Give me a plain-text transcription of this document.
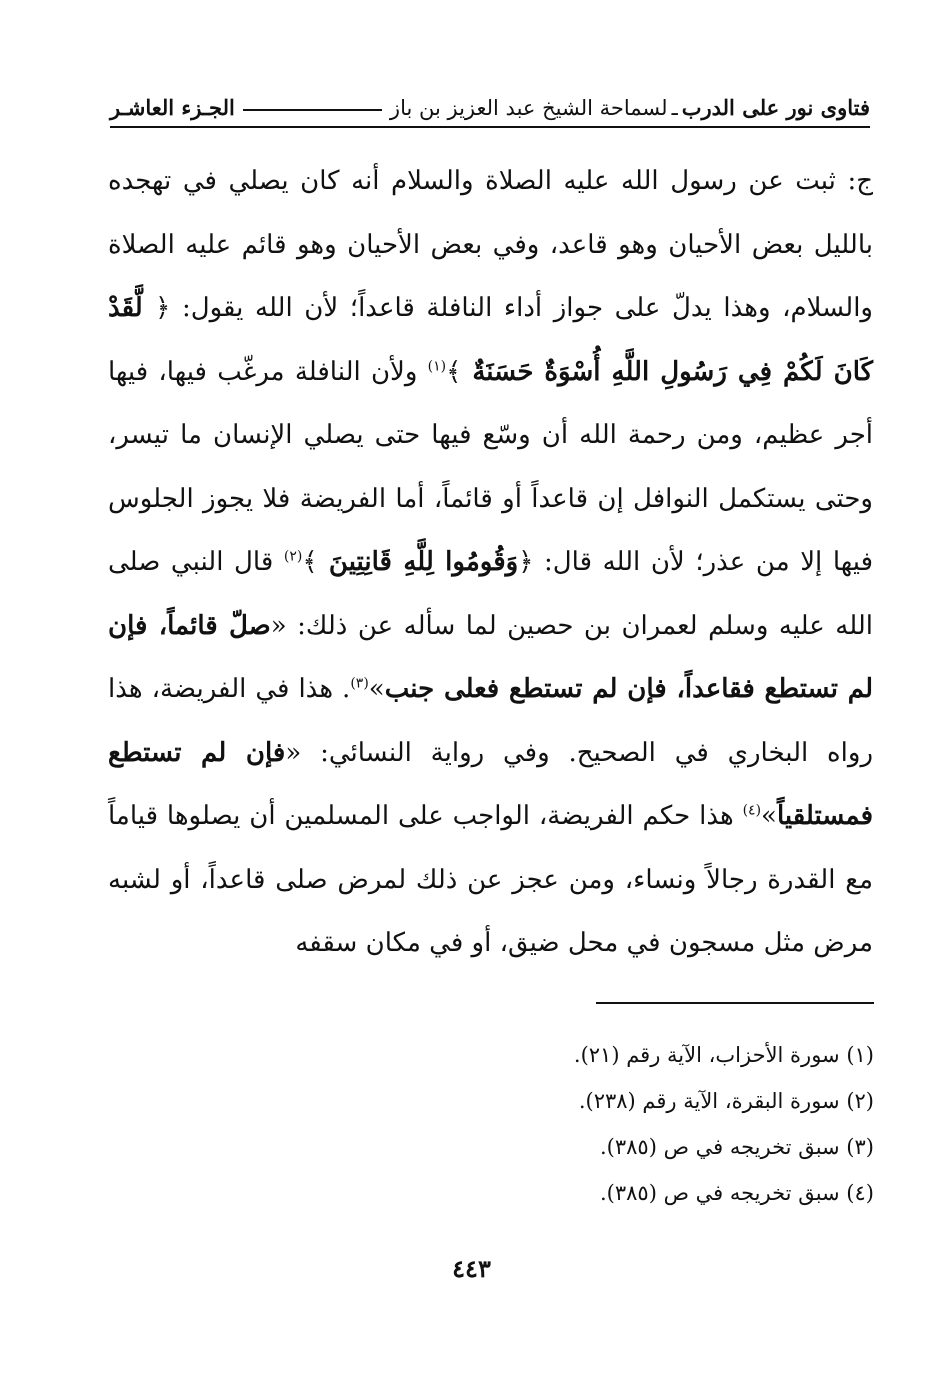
فتاوى نور على الدرب
ـ
لسماحة الشيخ عبد العزيز بن باز
الجـزء العاشـر

ج: ثبت عن رسول الله عليه الصلاة والسلام أنه كان يصلي في تهجده بالليل بعض الأحيان وهو قاعد، وفي بعض الأحيان وهو قائم عليه الصلاة والسلام، وهذا يدلّ على جواز أداء النافلة قاعداً؛ لأن الله يقول: ﴿ لَّقَدْ كَانَ لَكُمْ فِي رَسُولِ اللَّهِ أُسْوَةٌ حَسَنَةٌ ﴾$^{(١)}$ ولأن النافلة مرغّب فيها، فيها أجر عظيم، ومن رحمة الله أن وسّع فيها حتى يصلي الإنسان ما تيسر، وحتى يستكمل النوافل إن قاعداً أو قائماً، أما الفريضة فلا يجوز الجلوس فيها إلا من عذر؛ لأن الله قال: ﴿وَقُومُوا لِلَّهِ قَانِتِينَ ﴾$^{(٢)}$ قال النبي صلى الله عليه وسلم لعمران بن حصين لما سأله عن ذلك: «صلّ قائماً، فإن لم تستطع فقاعداً، فإن لم تستطع فعلى جنب»$^{(٣)}$. هذا في الفريضة، هذا رواه البخاري في الصحيح. وفي رواية النسائي: «فإن لم تستطع فمستلقياً»$^{(٤)}$ هذا حكم الفريضة، الواجب على المسلمين أن يصلوها قياماً مع القدرة رجالاً ونساء، ومن عجز عن ذلك لمرض صلى قاعداً، أو لشبه مرض مثل مسجون في محل ضيق، أو في مكان سقفه

(١) سورة الأحزاب، الآية رقم (٢١).

(٢) سورة البقرة، الآية رقم (٢٣٨).

(٣) سبق تخريجه في ص (٣٨٥).

(٤) سبق تخريجه في ص (٣٨٥).

٤٤٣
